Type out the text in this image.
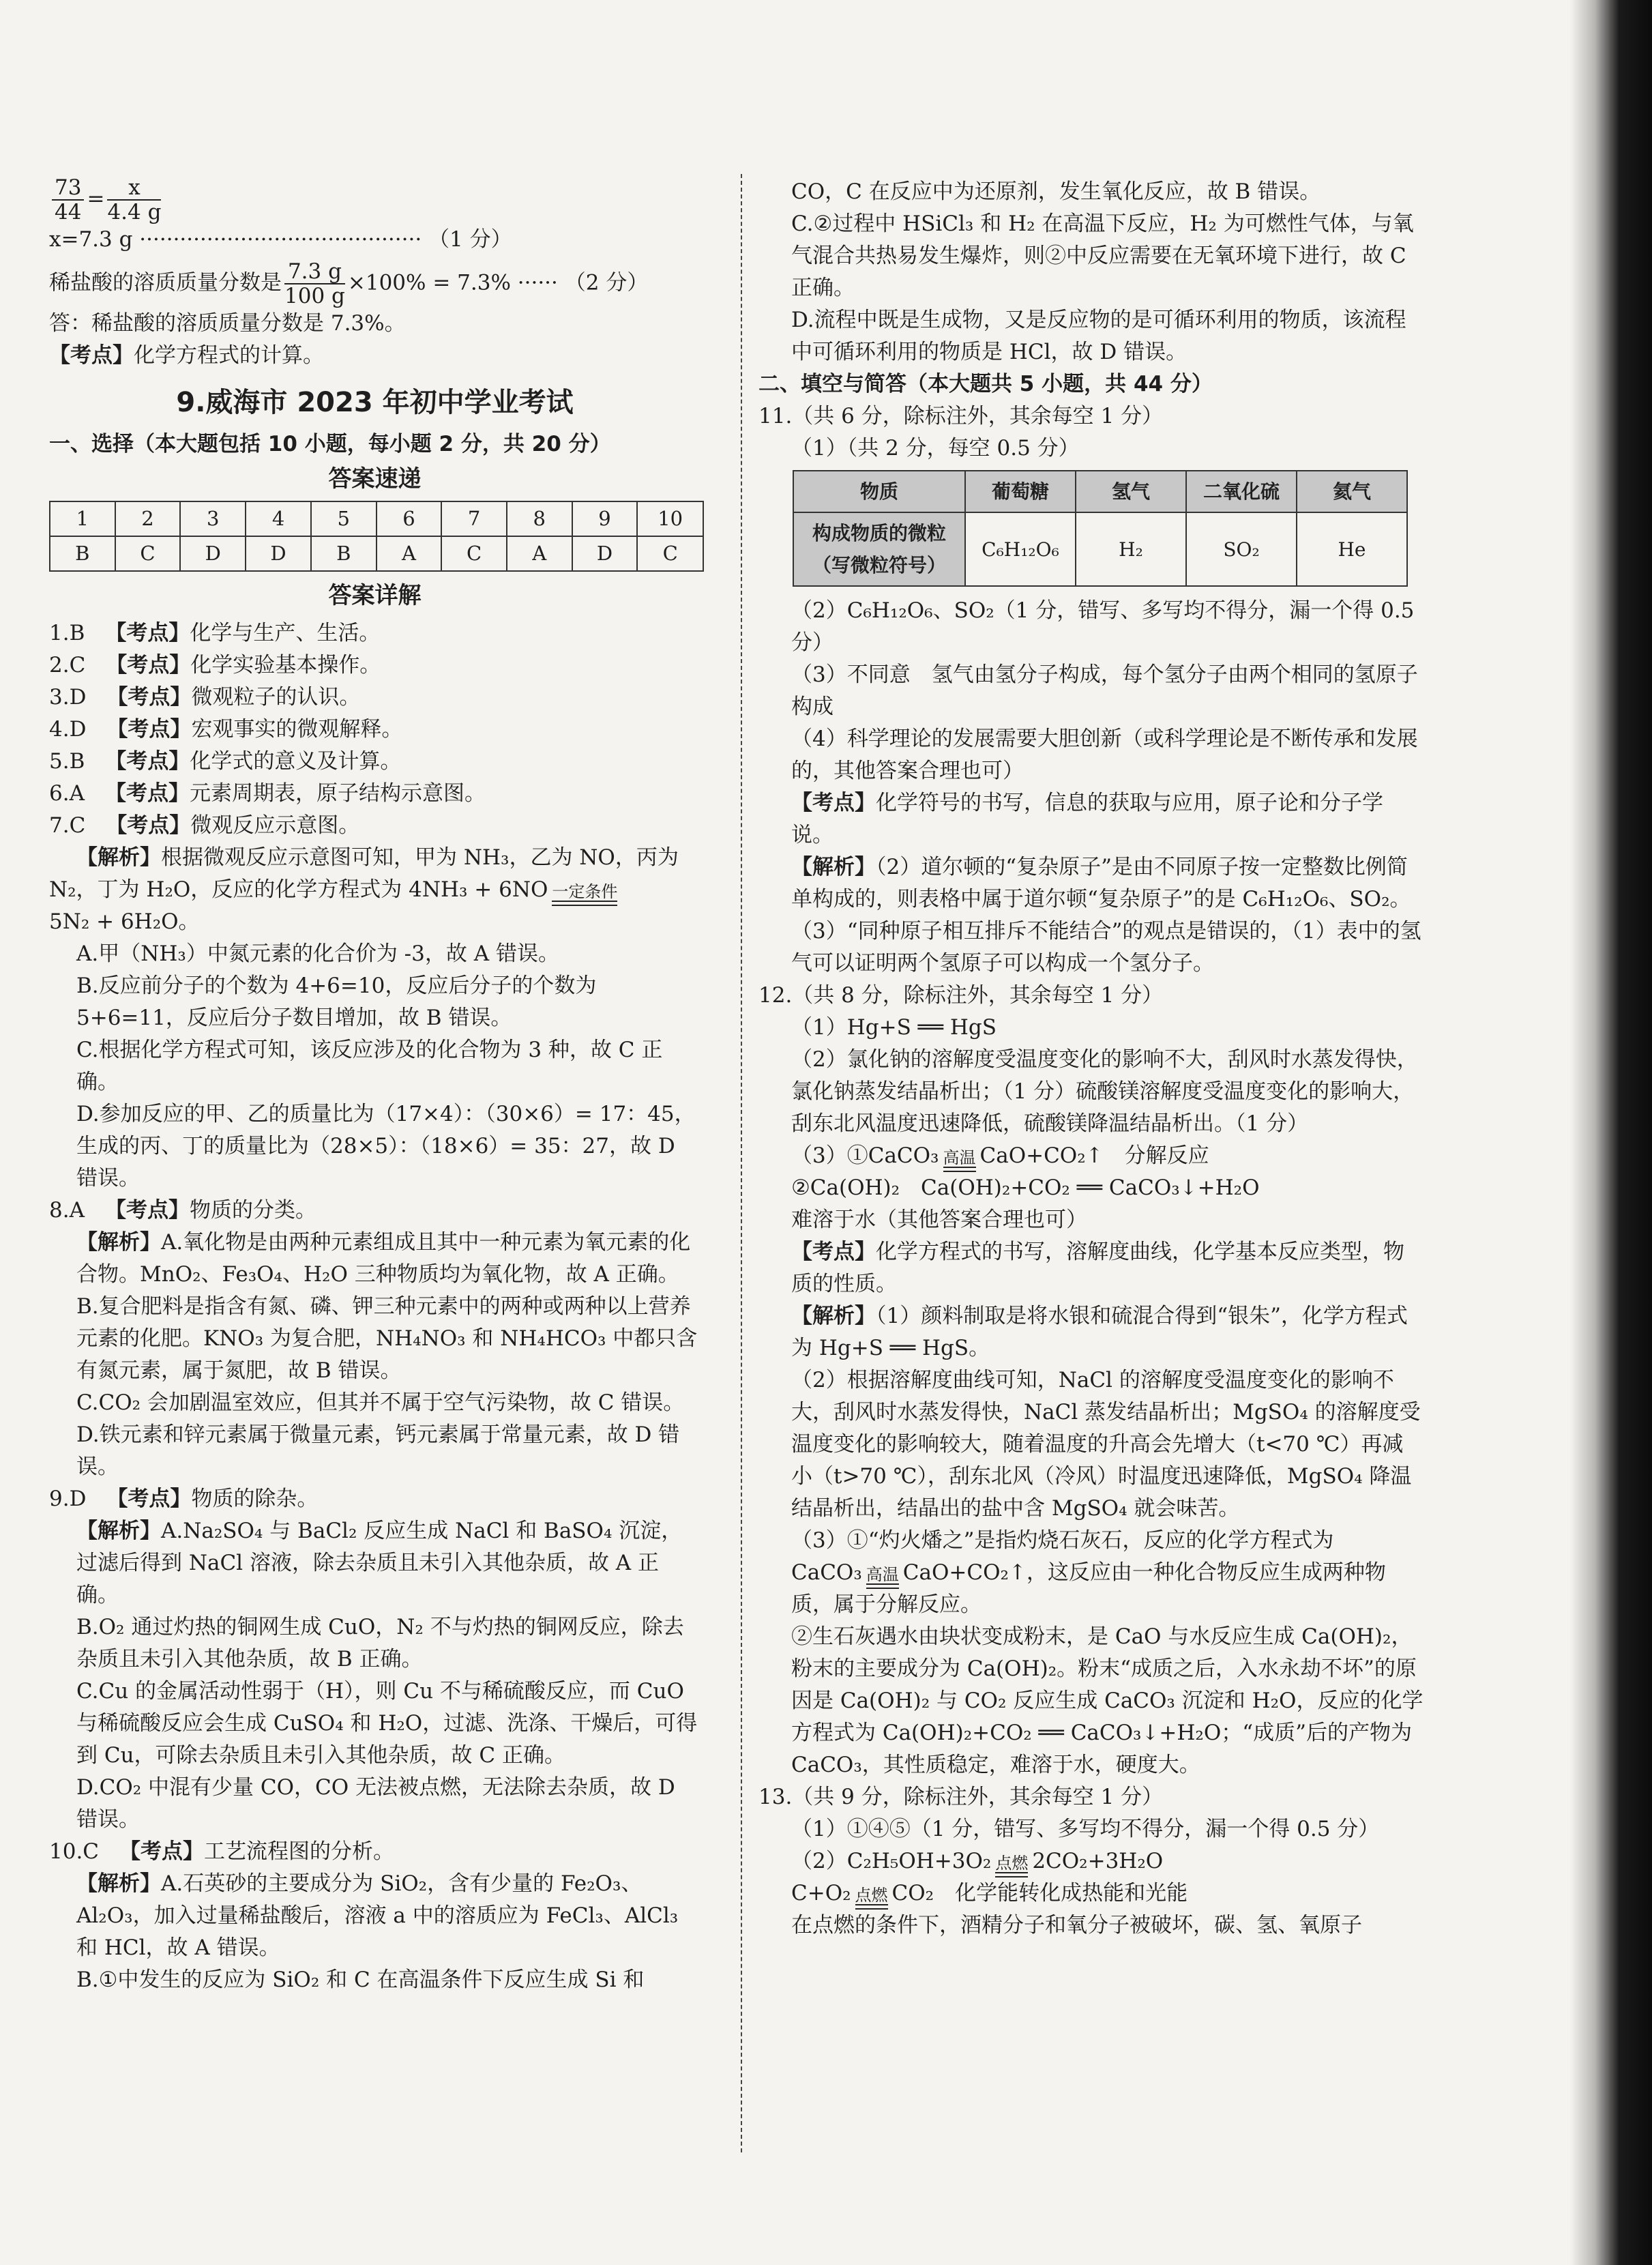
$\frac{73}{44} = \frac{x}{4.4 g}$

x=7.3 g ·········································· （1 分）

稀盐酸的溶质质量分数是 $\frac{7.3 g}{100 g} \times 100\% = 7.3\%$ ······ （2 分）

答：稀盐酸的溶质质量分数是 7.3%。

【考点】化学方程式的计算。

9.威海市 2023 年初中学业考试

一、选择（本大题包括 10 小题，每小题 2 分，共 20 分）

答案速递
1	2	3	4	5	6	7	8	9	10
B	C	D	D	B	A	C	A	D	C
答案详解

1.B 【考点】化学与生产、生活。

2.C 【考点】化学实验基本操作。

3.D 【考点】微观粒子的认识。

4.D 【考点】宏观事实的微观解释。

5.B 【考点】化学式的意义及计算。

6.A 【考点】元素周期表，原子结构示意图。

7.C 【考点】微观反应示意图。

【解析】根据微观反应示意图可知，甲为 NH₃，乙为 NO，丙为

N₂，丁为 H₂O，反应的化学方程式为 4NH₃ + 6NO 一定条件

5N₂ + 6H₂O。

A.甲（NH₃）中氮元素的化合价为 -3，故 A 错误。

B.反应前分子的个数为 4+6=10，反应后分子的个数为 5+6=11，反应后分子数目增加，故 B 错误。

C.根据化学方程式可知，该反应涉及的化合物为 3 种，故 C 正确。

D.参加反应的甲、乙的质量比为（17×4）：（30×6）= 17：45，生成的丙、丁的质量比为（28×5）：（18×6）= 35：27，故 D 错误。

8.A 【考点】物质的分类。

【解析】A.氧化物是由两种元素组成且其中一种元素为氧元素的化合物。MnO₂、Fe₃O₄、H₂O 三种物质均为氧化物，故 A 正确。

B.复合肥料是指含有氮、磷、钾三种元素中的两种或两种以上营养元素的化肥。KNO₃ 为复合肥，NH₄NO₃ 和 NH₄HCO₃ 中都只含有氮元素，属于氮肥，故 B 错误。

C.CO₂ 会加剧温室效应，但其并不属于空气污染物，故 C 错误。

D.铁元素和锌元素属于微量元素，钙元素属于常量元素，故 D 错误。

9.D 【考点】物质的除杂。

【解析】A.Na₂SO₄ 与 BaCl₂ 反应生成 NaCl 和 BaSO₄ 沉淀，过滤后得到 NaCl 溶液，除去杂质且未引入其他杂质，故 A 正确。

B.O₂ 通过灼热的铜网生成 CuO，N₂ 不与灼热的铜网反应，除去杂质且未引入其他杂质，故 B 正确。

C.Cu 的金属活动性弱于（H），则 Cu 不与稀硫酸反应，而 CuO 与稀硫酸反应会生成 CuSO₄ 和 H₂O，过滤、洗涤、干燥后，可得到 Cu，可除去杂质且未引入其他杂质，故 C 正确。

D.CO₂ 中混有少量 CO，CO 无法被点燃，无法除去杂质，故 D 错误。

10.C 【考点】工艺流程图的分析。

【解析】A.石英砂的主要成分为 SiO₂，含有少量的 Fe₂O₃、Al₂O₃，加入过量稀盐酸后，溶液 a 中的溶质应为 FeCl₃、AlCl₃ 和 HCl，故 A 错误。

B.①中发生的反应为 SiO₂ 和 C 在高温条件下反应生成 Si 和

CO，C 在反应中为还原剂，发生氧化反应，故 B 错误。

C.②过程中 HSiCl₃ 和 H₂ 在高温下反应，H₂ 为可燃性气体，与氧气混合共热易发生爆炸，则②中反应需要在无氧环境下进行，故 C 正确。

D.流程中既是生成物，又是反应物的是可循环利用的物质，该流程中可循环利用的物质是 HCl，故 D 错误。

二、填空与简答（本大题共 5 小题，共 44 分）

11.（共 6 分，除标注外，其余每空 1 分）

（1）（共 2 分，每空 0.5 分）

物质	葡萄糖	氢气	二氧化硫	氦气
构成物质的微粒（写微粒符号）	C₆H₁₂O₆	H₂	SO₂	He

（2）C₆H₁₂O₆、SO₂（1 分，错写、多写均不得分，漏一个得 0.5 分）

（3）不同意　氢气由氢分子构成，每个氢分子由两个相同的氢原子构成

（4）科学理论的发展需要大胆创新（或科学理论是不断传承和发展的，其他答案合理也可）

【考点】化学符号的书写，信息的获取与应用，原子论和分子学说。

【解析】（2）道尔顿的“复杂原子”是由不同原子按一定整数比例简单构成的，则表格中属于道尔顿“复杂原子”的是 C₆H₁₂O₆、SO₂。

（3）“同种原子相互排斥不能结合”的观点是错误的，（1）表中的氢气可以证明两个氢原子可以构成一个氢分子。

12.（共 8 分，除标注外，其余每空 1 分）

（1）Hg+S ══ HgS

（2）氯化钠的溶解度受温度变化的影响不大，刮风时水蒸发得快，氯化钠蒸发结晶析出；（1 分）硫酸镁溶解度受温度变化的影响大，刮东北风温度迅速降低，硫酸镁降温结晶析出。（1 分）

（3）①CaCO₃ 高温 CaO+CO₂↑　分解反应

②Ca(OH)₂　Ca(OH)₂+CO₂ ══ CaCO₃↓+H₂O

难溶于水（其他答案合理也可）

【考点】化学方程式的书写，溶解度曲线，化学基本反应类型，物质的性质。

【解析】（1）颜料制取是将水银和硫混合得到“银朱”，化学方程式为 Hg+S ══ HgS。

（2）根据溶解度曲线可知，NaCl 的溶解度受温度变化的影响不大，刮风时水蒸发得快，NaCl 蒸发结晶析出；MgSO₄ 的溶解度受温度变化的影响较大，随着温度的升高会先增大（t<70 ℃）再减小（t>70 ℃），刮东北风（冷风）时温度迅速降低，MgSO₄ 降温结晶析出，结晶出的盐中含 MgSO₄ 就会味苦。

（3）①“灼火燔之”是指灼烧石灰石，反应的化学方程式为

CaCO₃ 高温 CaO+CO₂↑，这反应由一种化合物反应生成两种物质，属于分解反应。

②生石灰遇水由块状变成粉末，是 CaO 与水反应生成 Ca(OH)₂，粉末的主要成分为 Ca(OH)₂。粉末“成质之后，入水永劫不坏”的原因是 Ca(OH)₂ 与 CO₂ 反应生成 CaCO₃ 沉淀和 H₂O，反应的化学方程式为 Ca(OH)₂+CO₂ ══ CaCO₃↓+H₂O；“成质”后的产物为 CaCO₃，其性质稳定，难溶于水，硬度大。

13.（共 9 分，除标注外，其余每空 1 分）

（1）①④⑤（1 分，错写、多写均不得分，漏一个得 0.5 分）

（2）C₂H₅OH+3O₂ 点燃 2CO₂+3H₂O

C+O₂ 点燃 CO₂　化学能转化成热能和光能

在点燃的条件下，酒精分子和氧分子被破坏，碳、氢、氧原子
